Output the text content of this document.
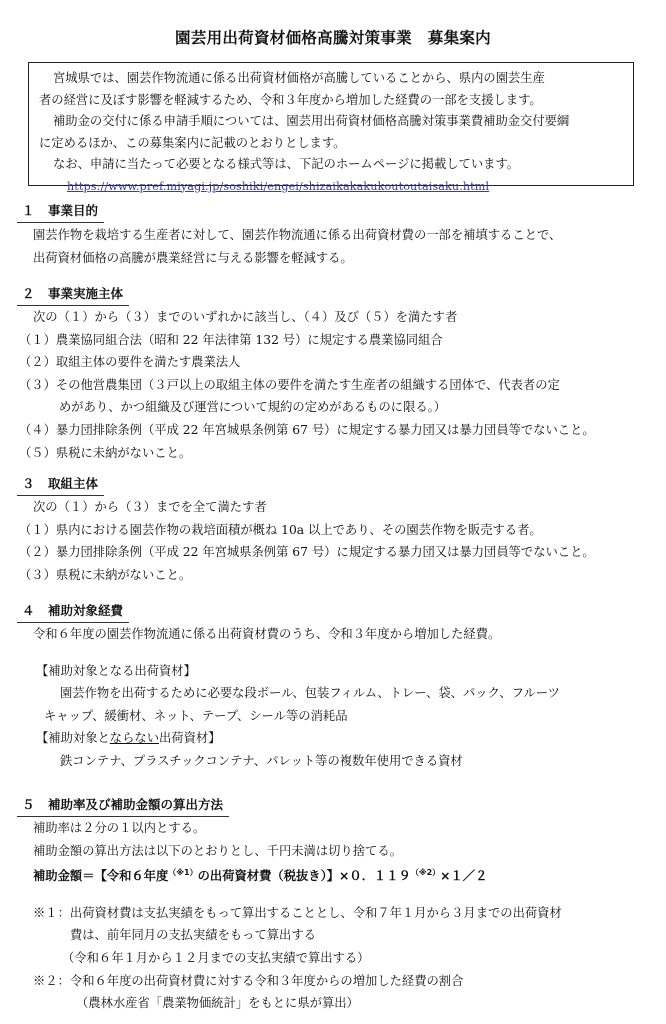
園芸用出荷資材価格高騰対策事業　募集案内

宮城県では、園芸作物流通に係る出荷資材価格が高騰していることから、県内の園芸生産

者の経営に及ぼす影響を軽減するため、令和３年度から増加した経費の一部を支援します。

補助金の交付に係る申請手順については、園芸用出荷資材価格高騰対策事業費補助金交付要綱

に定めるほか、この募集案内に記載のとおりとします。

なお、申請に当たって必要となる様式等は、下記のホームページに掲載しています。

https://www.pref.miyagi.jp/soshiki/engei/shizaikakakukoutoutaisaku.html

１ 事業目的

園芸作物を栽培する生産者に対して、園芸作物流通に係る出荷資材費の一部を補填することで、

出荷資材価格の高騰が農業経営に与える影響を軽減する。

２ 事業実施主体

次の（１）から（３）までのいずれかに該当し、（４）及び（５）を満たす者

（１）農業協同組合法（昭和 22 年法律第 132 号）に規定する農業協同組合

（２）取組主体の要件を満たす農業法人

（３）その他営農集団（３戸以上の取組主体の要件を満たす生産者の組織する団体で、代表者の定

めがあり、かつ組織及び運営について規約の定めがあるものに限る。）

（４）暴力団排除条例（平成 22 年宮城県条例第 67 号）に規定する暴力団又は暴力団員等でないこと。

（５）県税に未納がないこと。

３ 取組主体

次の（１）から（３）までを全て満たす者

（１）県内における園芸作物の栽培面積が概ね 10a 以上であり、その園芸作物を販売する者。

（２）暴力団排除条例（平成 22 年宮城県条例第 67 号）に規定する暴力団又は暴力団員等でないこと。

（３）県税に未納がないこと。

４ 補助対象経費

令和６年度の園芸作物流通に係る出荷資材費のうち、令和３年度から増加した経費。

【補助対象となる出荷資材】

園芸作物を出荷するために必要な段ボール、包装フィルム、トレー、袋、パック、フルーツ

キャップ、緩衝材、ネット、テープ、シール等の消耗品

【補助対象とならない出荷資材】

鉄コンテナ、プラスチックコンテナ、パレット等の複数年使用できる資材

５ 補助率及び補助金額の算出方法

補助率は２分の１以内とする。

補助金額の算出方法は以下のとおりとし、千円未満は切り捨てる。

補助金額＝【令和６年度$^{(※1)}$の出荷資材費（税抜き）】×０．$119^{(※2)}\times 1/2$

※１：出荷資材費は支払実績をもって算出することとし、令和７年１月から３月までの出荷資材

費は、前年同月の支払実績をもって算出する

（令和６年１月から１２月までの支払実績で算出する）

※２：令和６年度の出荷資材費に対する令和３年度からの増加した経費の割合

（農林水産省「農業物価統計」をもとに県が算出）
